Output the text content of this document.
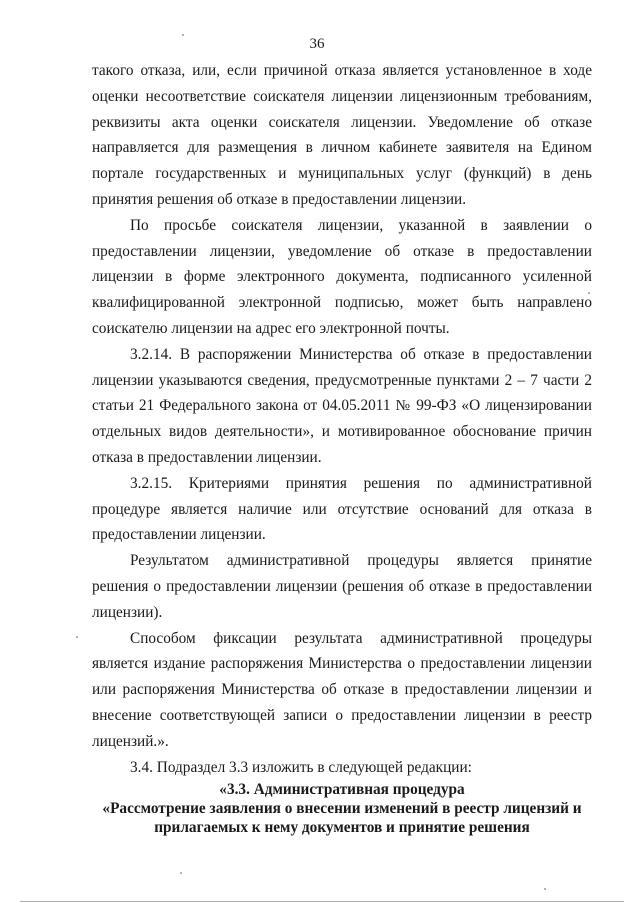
36

такого отказа, или, если причиной отказа является установленное в ходе оценки несоответствие соискателя лицензии лицензионным требованиям, реквизиты акта оценки соискателя лицензии. Уведомление об отказе направляется для размещения в личном кабинете заявителя на Едином портале государственных и муниципальных услуг (функций) в день принятия решения об отказе в предоставлении лицензии.

По просьбе соискателя лицензии, указанной в заявлении о предоставлении лицензии, уведомление об отказе в предоставлении лицензии в форме электронного документа, подписанного усиленной квалифицированной электронной подписью, может быть направлено соискателю лицензии на адрес его электронной почты.

3.2.14. В распоряжении Министерства об отказе в предоставлении лицензии указываются сведения, предусмотренные пунктами 2 – 7 части 2 статьи 21 Федерального закона от 04.05.2011 № 99-ФЗ «О лицензировании отдельных видов деятельности», и мотивированное обоснование причин отказа в предоставлении лицензии.

3.2.15. Критериями принятия решения по административной процедуре является наличие или отсутствие оснований для отказа в предоставлении лицензии.

Результатом административной процедуры является принятие решения о предоставлении лицензии (решения об отказе в предоставлении лицензии).

Способом фиксации результата административной процедуры является издание распоряжения Министерства о предоставлении лицензии или распоряжения Министерства об отказе в предоставлении лицензии и внесение соответствующей записи о предоставлении лицензии в реестр лицензий.».

3.4. Подраздел 3.3 изложить в следующей редакции:

«3.3. Административная процедура
«Рассмотрение заявления о внесении изменений в реестр лицензий и
прилагаемых к нему документов и принятие решения
